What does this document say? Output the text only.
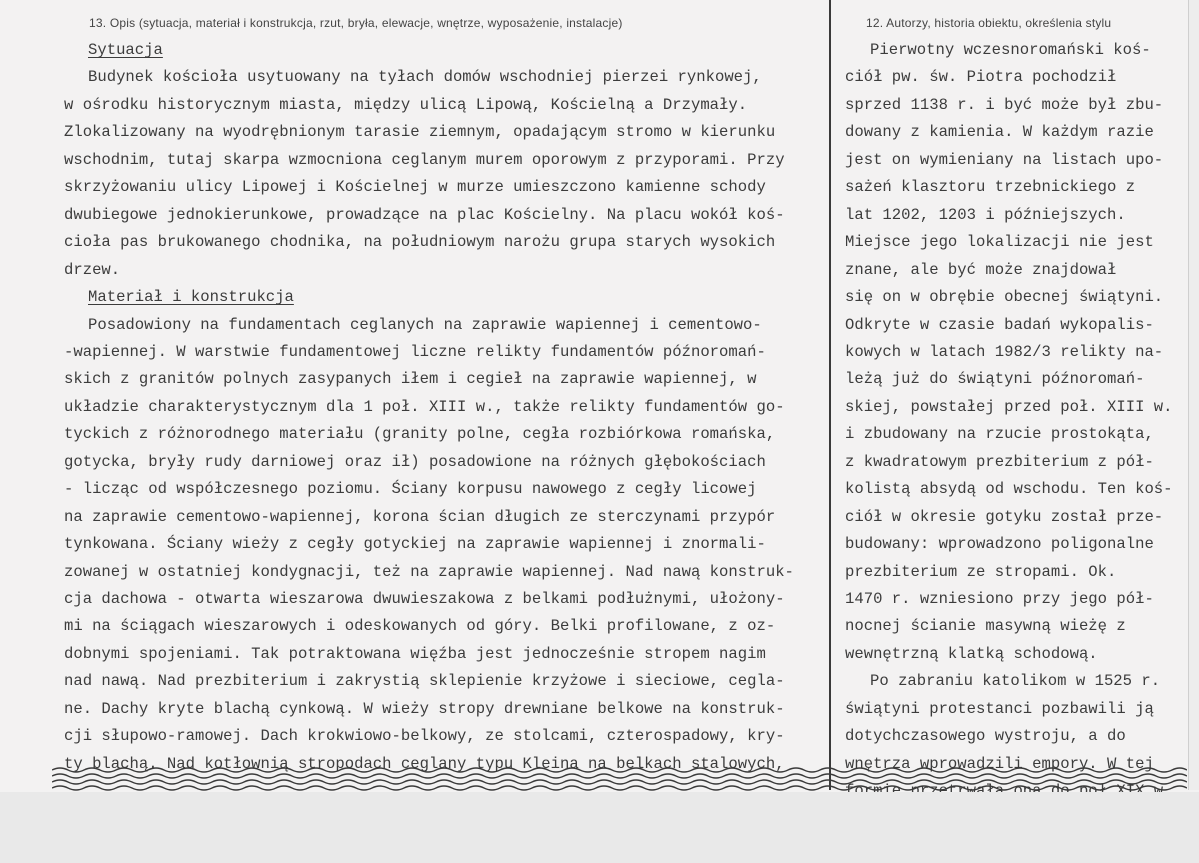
13. Opis (sytuacja, materiał i konstrukcja, rzut, bryła, elewacje, wnętrze, wyposażenie, instalacje)	12. Autorzy, historia obiektu, określenia stylu
Sytuacja
Budynek kościoła usytuowany na tyłach domów wschodniej pierzei rynkowej,
w ośrodku historycznym miasta, między ulicą Lipową, Kościelną a Drzymały.
Zlokalizowany na wyodrębnionym tarasie ziemnym, opadającym stromo w kierunku
wschodnim, tutaj skarpa wzmocniona ceglanym murem oporowym z przyporami. Przy
skrzyżowaniu ulicy Lipowej i Kościelnej w murze umieszczono kamienne schody
dwubiegowe jednokierunkowe, prowadzące na plac Kościelny. Na placu wokół koś-
cioła pas brukowanego chodnika, na południowym narożu grupa starych wysokich
drzew.
Materiał i konstrukcja
Posadowiony na fundamentach ceglanych na zaprawie wapiennej i cementowo-
-wapiennej. W warstwie fundamentowej liczne relikty fundamentów późnoromań-
skich z granitów polnych zasypanych iłem i cegieł na zaprawie wapiennej, w
układzie charakterystycznym dla 1 poł. XIII w., także relikty fundamentów go-
tyckich z różnorodnego materiału (granity polne, cegła rozbiórkowa romańska,
gotycka, bryły rudy darniowej oraz ił) posadowione na różnych głębokościach
- licząc od współczesnego poziomu. Ściany korpusu nawowego z cegły licowej
na zaprawie cementowo-wapiennej, korona ścian długich ze sterczynami przypór
tynkowana. Ściany wieży z cegły gotyckiej na zaprawie wapiennej i znormali-
zowanej w ostatniej kondygnacji, też na zaprawie wapiennej. Nad nawą konstruk-
cja dachowa - otwarta wieszarowa dwuwieszakowa z belkami podłużnymi, ułożony-
mi na ściągach wieszarowych i odeskowanych od góry. Belki profilowane, z oz-
dobnymi spojeniami. Tak potraktowana więźba jest jednocześnie stropem nagim
nad nawą. Nad prezbiterium i zakrystią sklepienie krzyżowe i sieciowe, cegla-
ne. Dachy kryte blachą cynkową. W wieży stropy drewniane belkowe na konstruk-
cji słupowo-ramowej. Dach krokwiowo-belkowy, ze stolcami, czterospadowy, kry-
ty blachą. Nad kotłownią stropodach ceglany typu Kleina na belkach stalowych,
Pierwotny wczesnoromański koś-
ciół pw. św. Piotra pochodził
sprzed 1138 r. i być może był zbu-
dowany z kamienia. W każdym razie
jest on wymieniany na listach upo-
sażeń klasztoru trzebnickiego z
lat 1202, 1203 i późniejszych.
Miejsce jego lokalizacji nie jest
znane, ale być może znajdował
się on w obrębie obecnej świątyni.
Odkryte w czasie badań wykopalis-
kowych w latach 1982/3 relikty na-
leżą już do świątyni późnoromań-
skiej, powstałej przed poł. XIII w.
i zbudowany na rzucie prostokąta,
z kwadratowym prezbiterium z pół-
kolistą absydą od wschodu. Ten koś-
ciół w okresie gotyku został prze-
budowany: wprowadzono poligonalne
prezbiterium ze stropami. Ok.
1470 r. wzniesiono przy jego pół-
nocnej ścianie masywną wieżę z
wewnętrzną klatką schodową.
Po zabraniu katolikom w 1525 r.
świątyni protestanci pozbawili ją
dotychczasowego wystroju, a do
wnętrza wprowadzili empory. W tej
